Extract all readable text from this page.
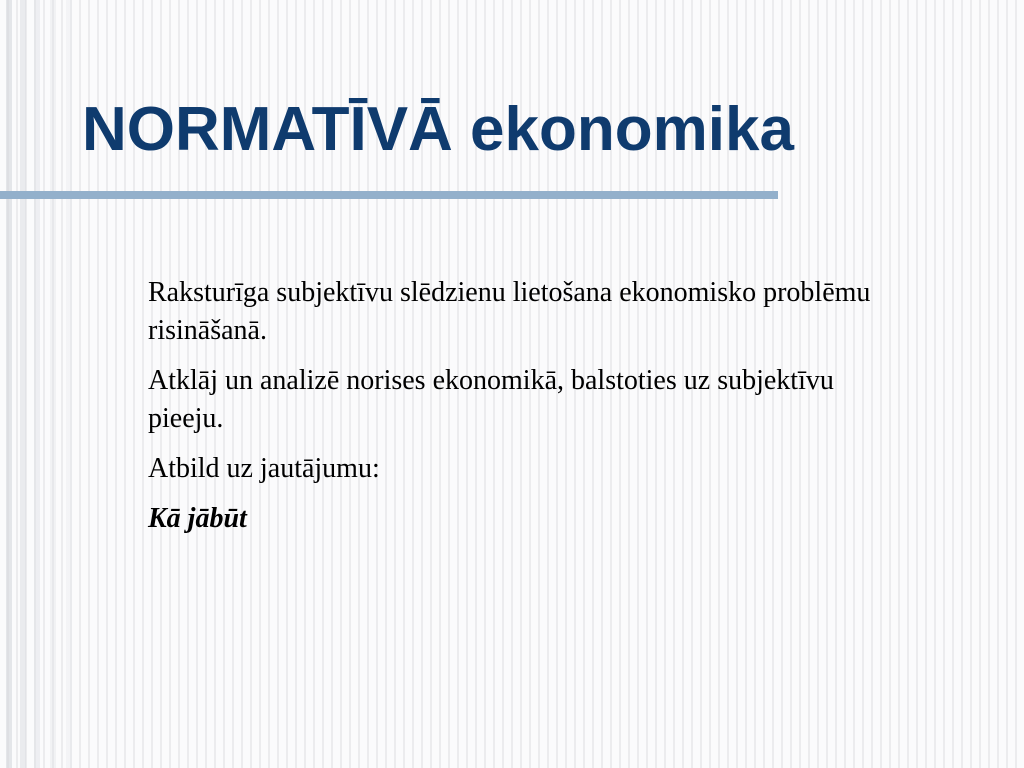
NORMATĪVĀ ekonomika

Raksturīga subjektīvu slēdzienu lietošana ekonomisko problēmu risināšanā.

Atklāj un analizē norises ekonomikā, balstoties uz subjektīvu pieeju.

Atbild uz jautājumu:

Kā jābūt
